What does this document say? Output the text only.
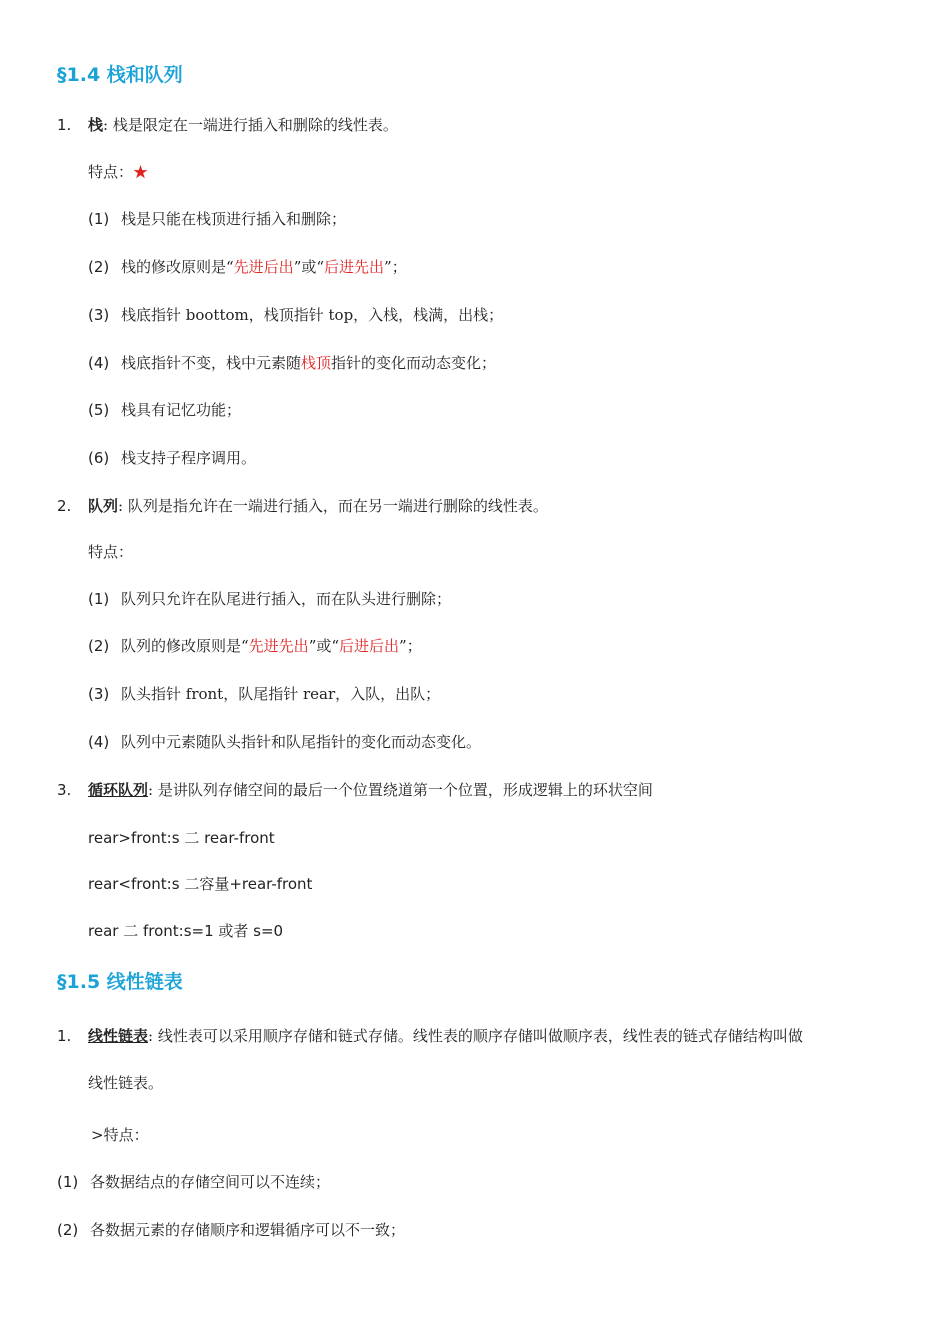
§1.4 栈和队列
1. 栈: 栈是限定在一端进行插入和删除的线性表。
特点：★
(1) 栈是只能在栈顶进行插入和删除；
(2) 栈的修改原则是“先进后出”或“后进先出”；
(3) 栈底指针 boottom，栈顶指针 top，入栈，栈满，出栈；
(4) 栈底指针不变，栈中元素随栈顶指针的变化而动态变化；
(5) 栈具有记忆功能；
(6) 栈支持子程序调用。
2. 队列: 队列是指允许在一端进行插入，而在另一端进行删除的线性表。
特点：
(1) 队列只允许在队尾进行插入，而在队头进行删除；
(2) 队列的修改原则是“先进先出”或“后进后出”；
(3) 队头指针 front，队尾指针 rear，入队，出队；
(4) 队列中元素随队头指针和队尾指针的变化而动态变化。
3. 循环队列: 是讲队列存储空间的最后一个位置绕道第一个位置，形成逻辑上的环状空间
rear>front:s 二 rear-front
rear<front:s 二容量+rear-front
rear 二 front:s=1 或者 s=0
§1.5 线性链表
1. 线性链表: 线性表可以采用顺序存储和链式存储。线性表的顺序存储叫做顺序表，线性表的链式存储结构叫做
线性链表。
>特点：
(1) 各数据结点的存储空间可以不连续；
(2) 各数据元素的存储顺序和逻辑循序可以不一致；
